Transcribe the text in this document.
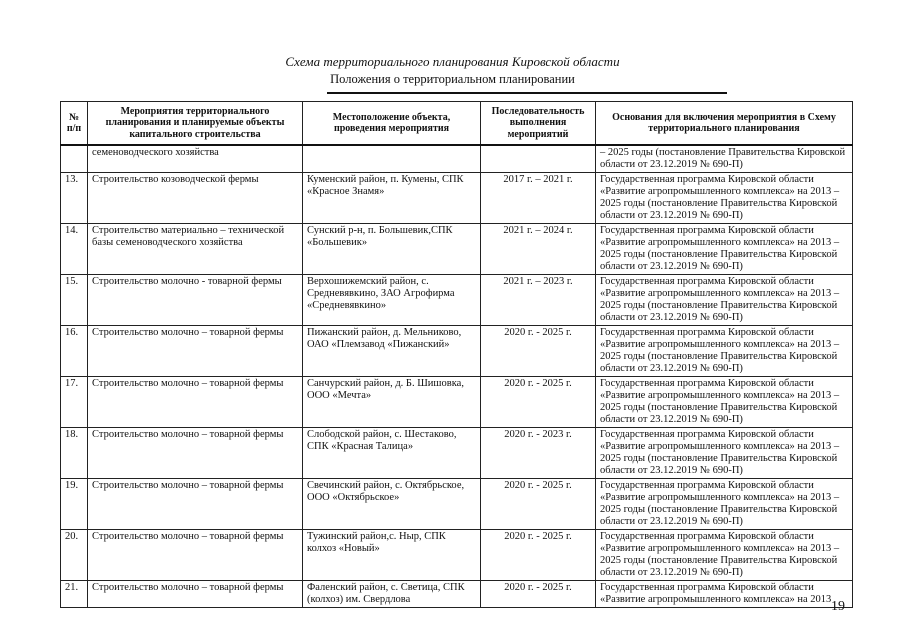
Схема территориального планирования Кировской области
Положения о территориальном планировании
№ п/п	Мероприятия территориального планирования и планируемые объекты капитального строительства	Местоположение объекта, проведения мероприятия	Последовательность выполнения мероприятий	Основания для включения мероприятия в Схему территориального планирования
	семеноводческого хозяйства			– 2025 годы (постановление Правительства Кировской области от 23.12.2019 № 690-П)
13.	Строительство козоводческой фермы	Куменский район, п. Кумены, СПК «Красное Знамя»	2017 г. – 2021 г.	Государственная программа Кировской области «Развитие агропромышленного комплекса» на 2013 – 2025 годы (постановление Правительства Кировской области от 23.12.2019 № 690-П)
14.	Строительство материально – технической базы семеноводческого хозяйства	Сунский р-н, п. Большевик,СПК «Большевик»	2021 г. – 2024 г.	Государственная программа Кировской области «Развитие агропромышленного комплекса» на 2013 – 2025 годы (постановление Правительства Кировской области от 23.12.2019 № 690-П)
15.	Строительство молочно - товарной фермы	Верхошижемский район, с. Средневявкино, ЗАО Агрофирма «Средневявкино»	2021 г. – 2023 г.	Государственная программа Кировской области «Развитие агропромышленного комплекса» на 2013 – 2025 годы (постановление Правительства Кировской области от 23.12.2019 № 690-П)
16.	Строительство молочно – товарной фермы	Пижанский район, д. Мельниково, ОАО «Племзавод «Пижанский»	2020 г. - 2025 г.	Государственная программа Кировской области «Развитие агропромышленного комплекса» на 2013 – 2025 годы (постановление Правительства Кировской области от 23.12.2019 № 690-П)
17.	Строительство молочно – товарной фермы	Санчурский район, д. Б. Шишовка, ООО «Мечта»	2020 г. - 2025 г.	Государственная программа Кировской области «Развитие агропромышленного комплекса» на 2013 – 2025 годы (постановление Правительства Кировской области от 23.12.2019 № 690-П)
18.	Строительство молочно – товарной фермы	Слободской район, с. Шестаково, СПК «Красная Талица»	2020 г. - 2023 г.	Государственная программа Кировской области «Развитие агропромышленного комплекса» на 2013 – 2025 годы (постановление Правительства Кировской области от 23.12.2019 № 690-П)
19.	Строительство молочно – товарной фермы	Свечинский район, с. Октябрьское, ООО «Октябрьское»	2020 г. - 2025 г.	Государственная программа Кировской области «Развитие агропромышленного комплекса» на 2013 – 2025 годы (постановление Правительства Кировской области от 23.12.2019 № 690-П)
20.	Строительство молочно – товарной фермы	Тужинский район,с. Ныр, СПК колхоз «Новый»	2020 г. - 2025 г.	Государственная программа Кировской области «Развитие агропромышленного комплекса» на 2013 – 2025 годы (постановление Правительства Кировской области от 23.12.2019 № 690-П)
21.	Строительство молочно – товарной фермы	Фаленский район, с. Светица, СПК (колхоз) им. Свердлова	2020 г. - 2025 г.	Государственная программа Кировской области «Развитие агропромышленного комплекса» на 2013 19
